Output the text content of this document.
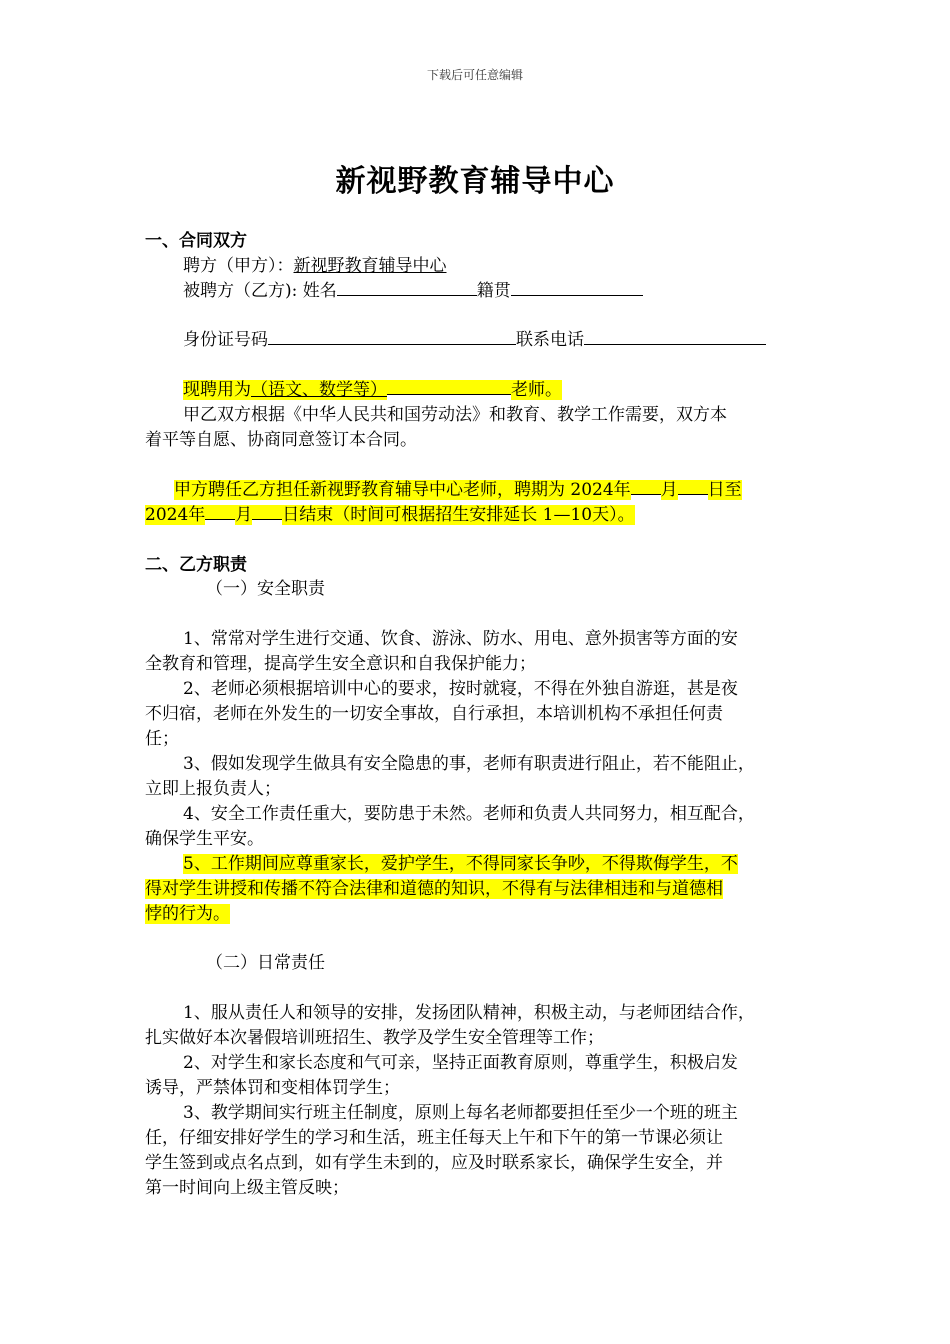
下载后可任意编辑
新视野教育辅导中心
一、合同双方
聘方（甲方）：新视野教育辅导中心
被聘方（乙方): 姓名	籍贯
身份证号码	联系电话
现聘用为（语文、数学等）	老师。
甲乙双方根据《中华人民共和国劳动法》和教育、教学工作需要，双方本
着平等自愿、协商同意签订本合同。
甲方聘任乙方担任新视野教育辅导中心老师，聘期为 2024年 月 日至
2024年 月 日结束（时间可根据招生安排延长 1—10天）。
二、乙方职责
（一）安全职责
1、常常对学生进行交通、饮食、游泳、防水、用电、意外损害等方面的安
全教育和管理，提高学生安全意识和自我保护能力；
2、老师必须根据培训中心的要求，按时就寝，不得在外独自游逛，甚是夜
不归宿，老师在外发生的一切安全事故，自行承担，本培训机构不承担任何责
任；
3、假如发现学生做具有安全隐患的事，老师有职责进行阻止，若不能阻止，
立即上报负责人；
4、安全工作责任重大，要防患于未然。老师和负责人共同努力，相互配合，
确保学生平安。
5、工作期间应尊重家长，爱护学生，不得同家长争吵，不得欺侮学生，不
得对学生讲授和传播不符合法律和道德的知识，不得有与法律相违和与道德相
悖的行为。
（二）日常责任
1、服从责任人和领导的安排，发扬团队精神，积极主动，与老师团结合作，
扎实做好本次暑假培训班招生、教学及学生安全管理等工作；
2、对学生和家长态度和气可亲，坚持正面教育原则，尊重学生，积极启发
诱导，严禁体罚和变相体罚学生；
3、教学期间实行班主任制度，原则上每名老师都要担任至少一个班的班主
任，仔细安排好学生的学习和生活，班主任每天上午和下午的第一节课必须让
学生签到或点名点到，如有学生未到的，应及时联系家长，确保学生安全，并
第一时间向上级主管反映；
